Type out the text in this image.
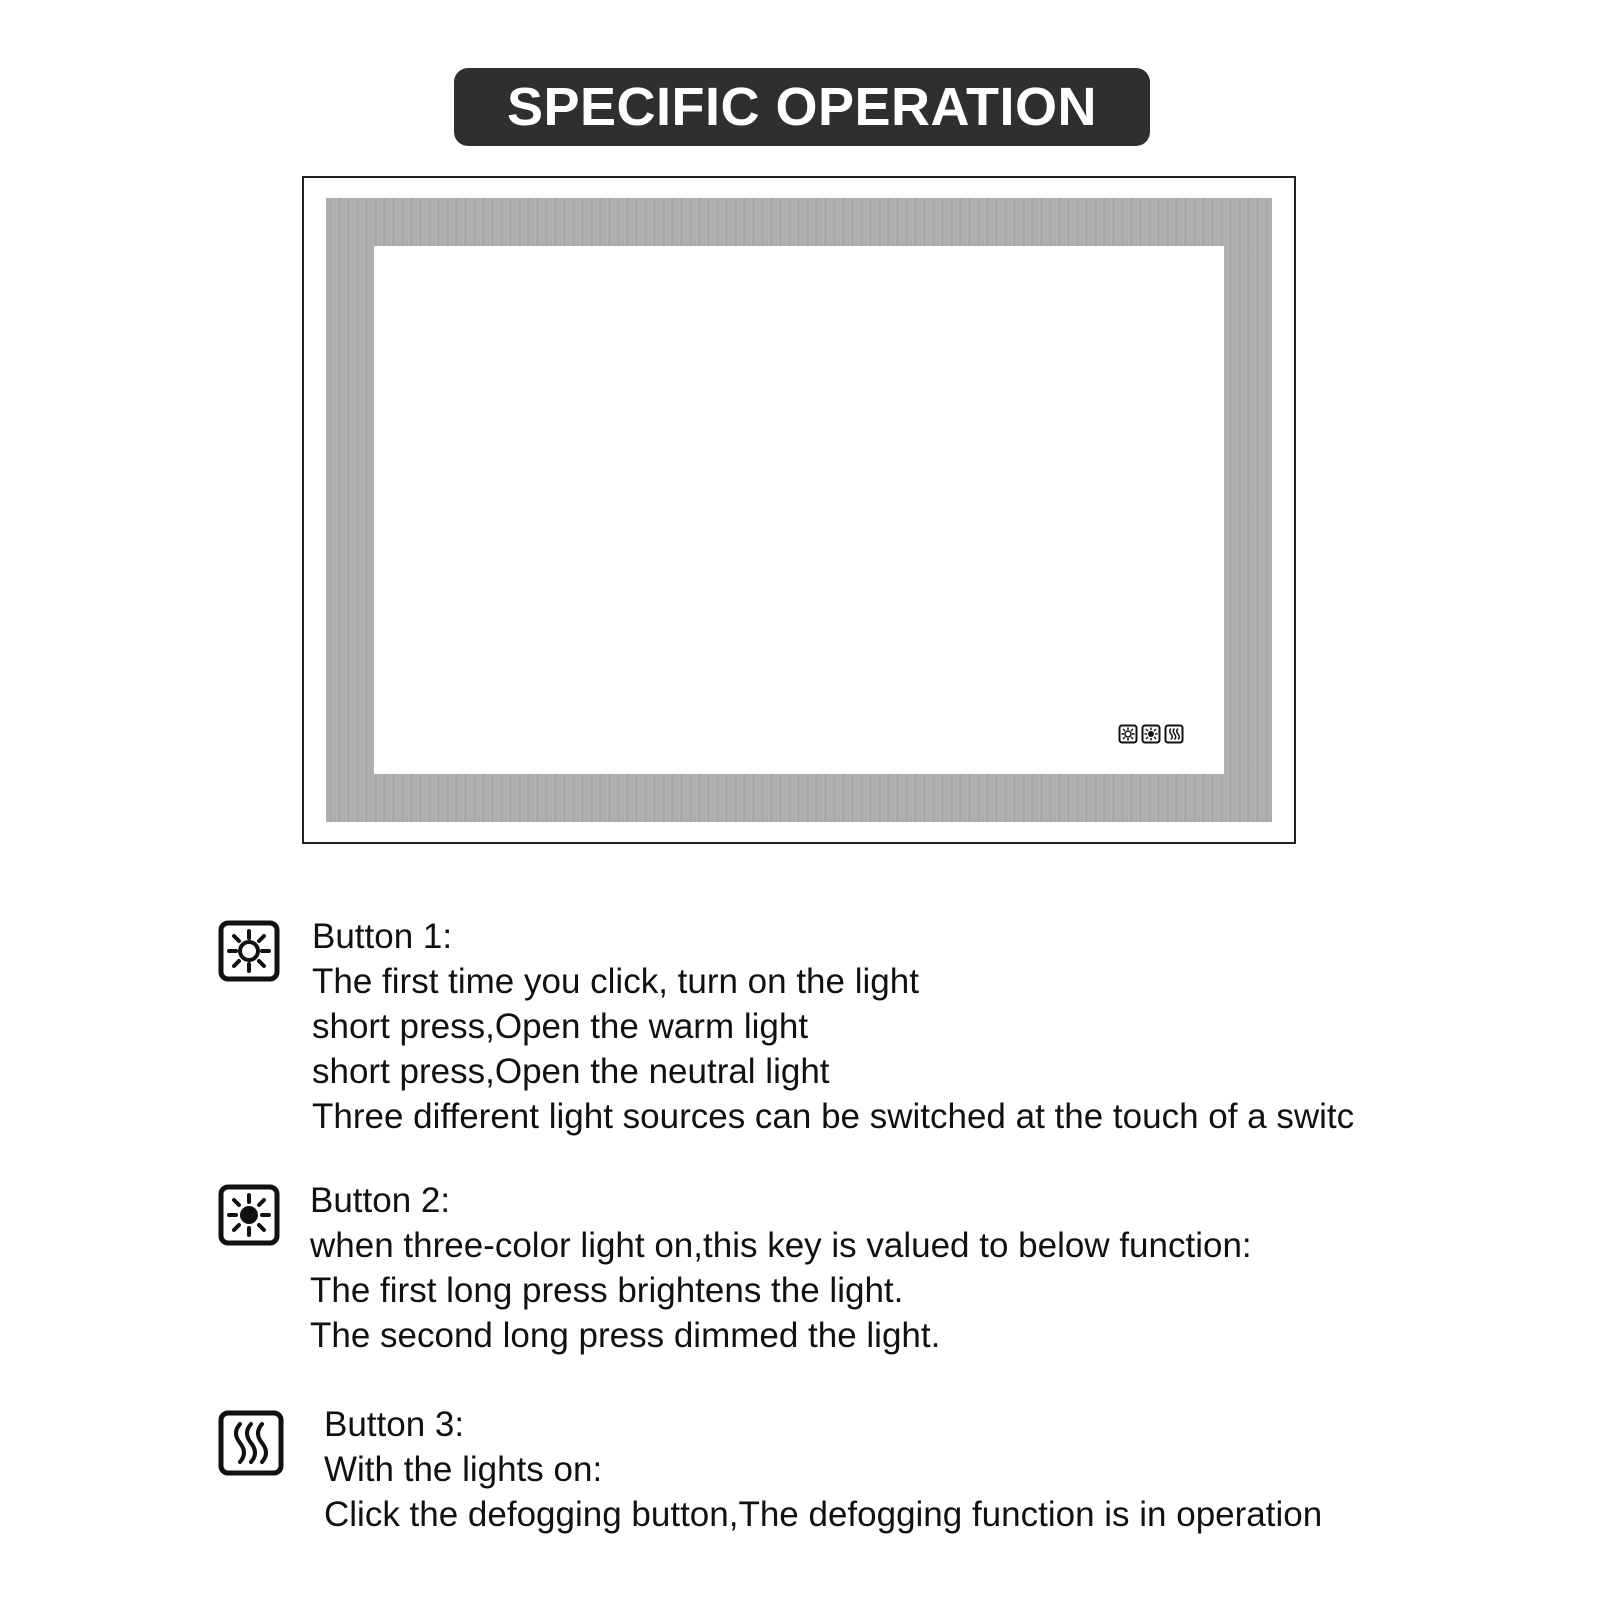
SPECIFIC OPERATION
Button 1:
The first time you click, turn on the light
short press,Open the warm light
short press,Open the neutral light
Three different light sources can be switched at the touch of a switc
Button 2:
when three-color light on,this key is valued to below function:
The first long press brightens the light.
The second long press dimmed the light.
Button 3:
With the lights on:
Click the defogging button,The defogging function is in operation
